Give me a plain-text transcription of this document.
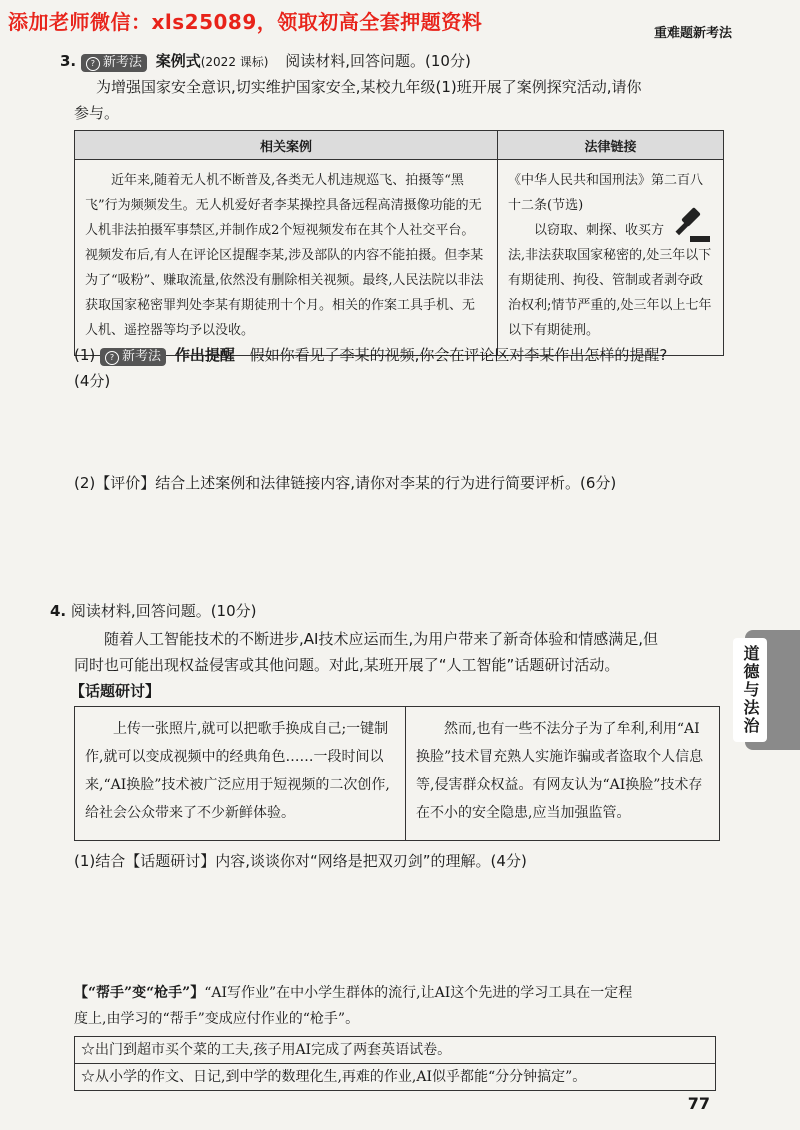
添加老师微信：xls25089，领取初高全套押题资料	重难题新考法
3. ? 新考法 案例式(2022 课标) 阅读材料,回答问题。(10分)
为增强国家安全意识,切实维护国家安全,某校九年级(1)班开展了案例探究活动,请你
参与。
相关案例	法律链接
近年来,随着无人机不断普及,各类无人机违规巡飞、拍摄等“黑飞”行为频频发生。无人机爱好者李某操控具备远程高清摄像功能的无人机非法拍摄军事禁区,并制作成2个短视频发布在其个人社交平台。视频发布后,有人在评论区提醒李某,涉及部队的内容不能拍摄。但李某为了“吸粉”、赚取流量,依然没有删除相关视频。最终,人民法院以非法获取国家秘密罪判处李某有期徒刑十个月。相关的作案工具手机、无人机、遥控器等均予以没收。	《中华人民共和国刑法》第二百八十二条(节选)
以窃取、刺探、收买方
法,非法获取国家秘密的,处三年以下有期徒刑、拘役、管制或者剥夺政治权利;情节严重的,处三年以上七年以下有期徒刑。
(1) ? 新考法 作出提醒 假如你看见了李某的视频,你会在评论区对李某作出怎样的提醒?
(4分)
(2)【评价】结合上述案例和法律链接内容,请你对李某的行为进行简要评析。(6分)
4. 阅读材料,回答问题。(10分)
随着人工智能技术的不断进步,AI技术应运而生,为用户带来了新奇体验和情感满足,但
同时也可能出现权益侵害或其他问题。对此,某班开展了“人工智能”话题研讨活动。
【话题研讨】
上传一张照片,就可以把歌手换成自己;一键制作,就可以变成视频中的经典角色……一段时间以来,“AI换脸”技术被广泛应用于短视频的二次创作,给社会公众带来了不少新鲜体验。	然而,也有一些不法分子为了牟利,利用“AI换脸”技术冒充熟人实施诈骗或者盗取个人信息等,侵害群众权益。有网友认为“AI换脸”技术存在不小的安全隐患,应当加强监管。
(1)结合【话题研讨】内容,谈谈你对“网络是把双刃剑”的理解。(4分)
【“帮手”变“枪手”】“AI写作业”在中小学生群体的流行,让AI这个先进的学习工具在一定程
度上,由学习的“帮手”变成应付作业的“枪手”。
☆出门到超市买个菜的工夫,孩子用AI完成了两套英语试卷。
☆从小学的作文、日记,到中学的数理化生,再难的作业,AI似乎都能“分分钟搞定”。
道德与法治
77
